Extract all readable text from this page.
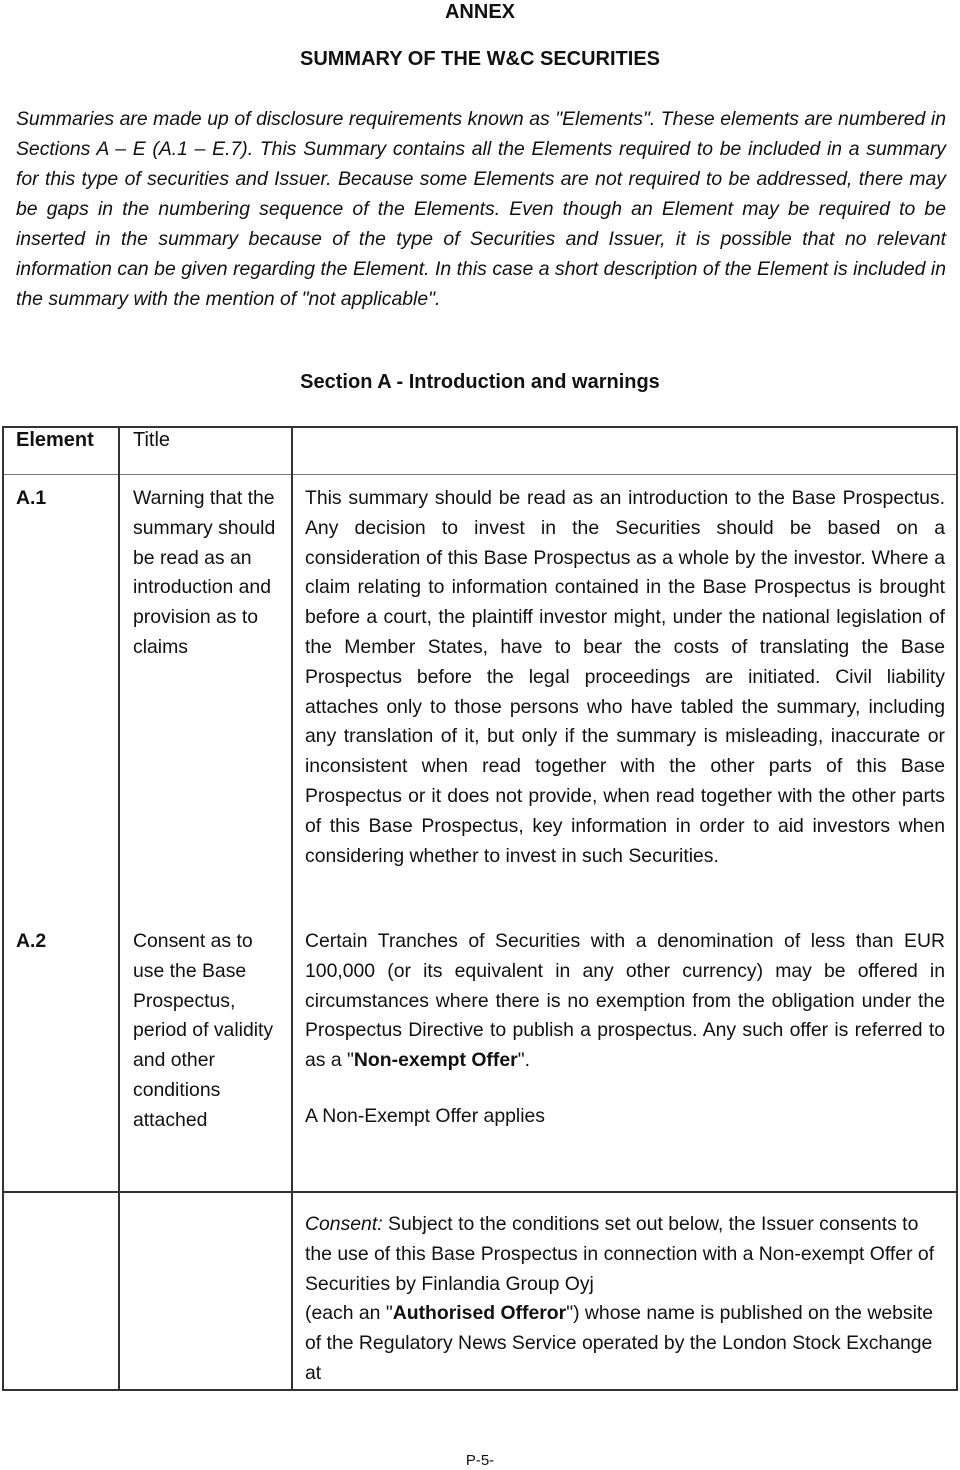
ANNEX
SUMMARY OF THE W&C SECURITIES
Summaries are made up of disclosure requirements known as "Elements". These elements are numbered in Sections A – E (A.1 – E.7). This Summary contains all the Elements required to be included in a summary for this type of securities and Issuer. Because some Elements are not required to be addressed, there may be gaps in the numbering sequence of the Elements. Even though an Element may be required to be inserted in the summary because of the type of Securities and Issuer, it is possible that no relevant information can be given regarding the Element. In this case a short description of the Element is included in the summary with the mention of "not applicable".
Section A - Introduction and warnings
Element Title
A.1	Warning that the summary should be read as an introduction and provision as to claims
This summary should be read as an introduction to the Base Prospectus. Any decision to invest in the Securities should be based on a consideration of this Base Prospectus as a whole by the investor. Where a claim relating to information contained in the Base Prospectus is brought before a court, the plaintiff investor might, under the national legislation of the Member States, have to bear the costs of translating the Base Prospectus before the legal proceedings are initiated. Civil liability attaches only to those persons who have tabled the summary, including any translation of it, but only if the summary is misleading, inaccurate or inconsistent when read together with the other parts of this Base Prospectus or it does not provide, when read together with the other parts of this Base Prospectus, key information in order to aid investors when considering whether to invest in such Securities.
A.2	Consent as to use the Base Prospectus, period of validity and other conditions attached

Certain Tranches of Securities with a denomination of less than EUR 100,000 (or its equivalent in any other currency) may be offered in circumstances where there is no exemption from the obligation under the Prospectus Directive to publish a prospectus. Any such offer is referred to as a "Non-exempt Offer".

A Non-Exempt Offer applies

Consent: Subject to the conditions set out below, the Issuer consents to the use of this Base Prospectus in connection with a Non-exempt Offer of Securities by Finlandia Group Oyj
(each an "Authorised Offeror") whose name is published on the website of the Regulatory News Service operated by the London Stock Exchange at
P-5-
